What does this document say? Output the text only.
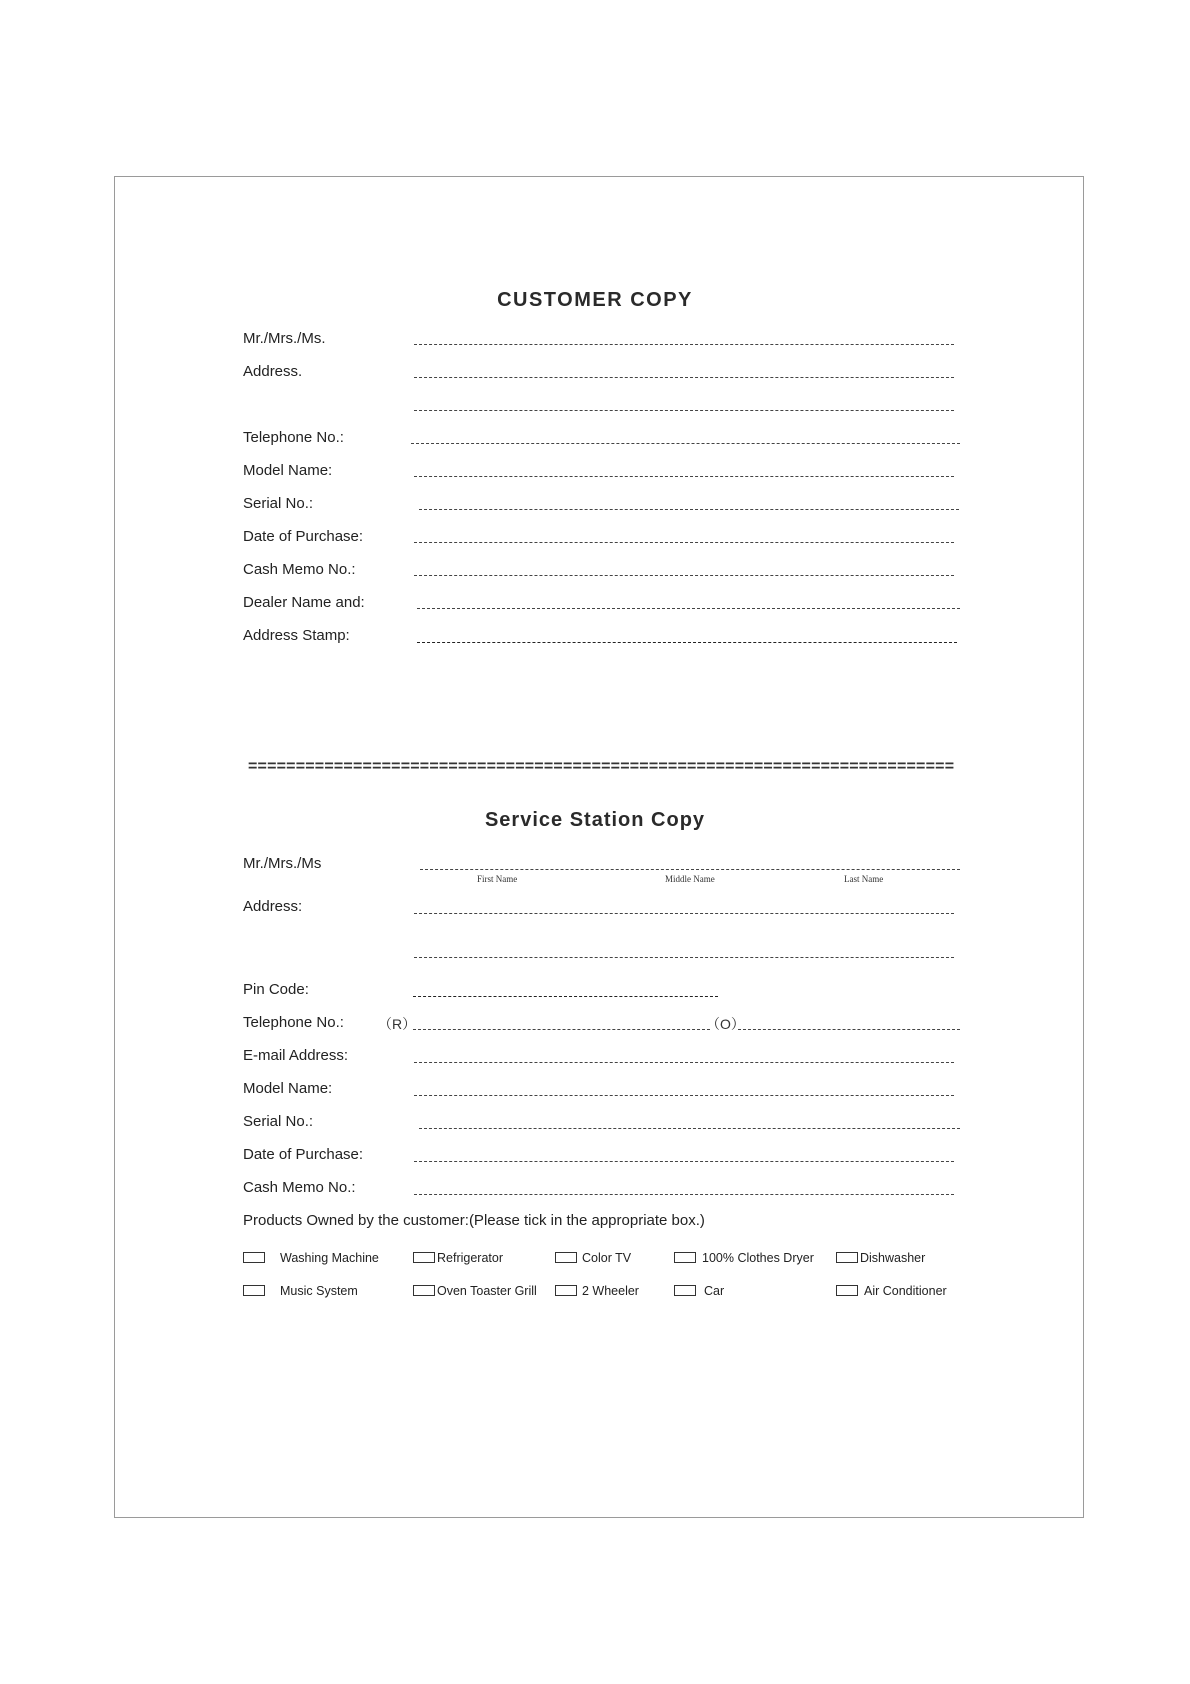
CUSTOMER COPY
Mr./Mrs./Ms.
Address.
Telephone No.:
Model Name:
Serial No.:
Date of Purchase:
Cash Memo No.:
Dealer Name and:
Address Stamp:
==========================================================================
Service Station Copy
Mr./Mrs./Ms
First Name	Middle Name	Last Name
Address:
Pin Code:
Telephone No.: （R）	（O）
E-mail Address:
Model Name:
Serial No.:
Date of Purchase:
Cash Memo No.:
Products Owned by the customer:(Please tick in the appropriate box.)
Washing Machine	Refrigerator	Color TV	100% Clothes Dryer	Dishwasher
Music System	Oven Toaster Grill	2 Wheeler	Car	Air Conditioner
